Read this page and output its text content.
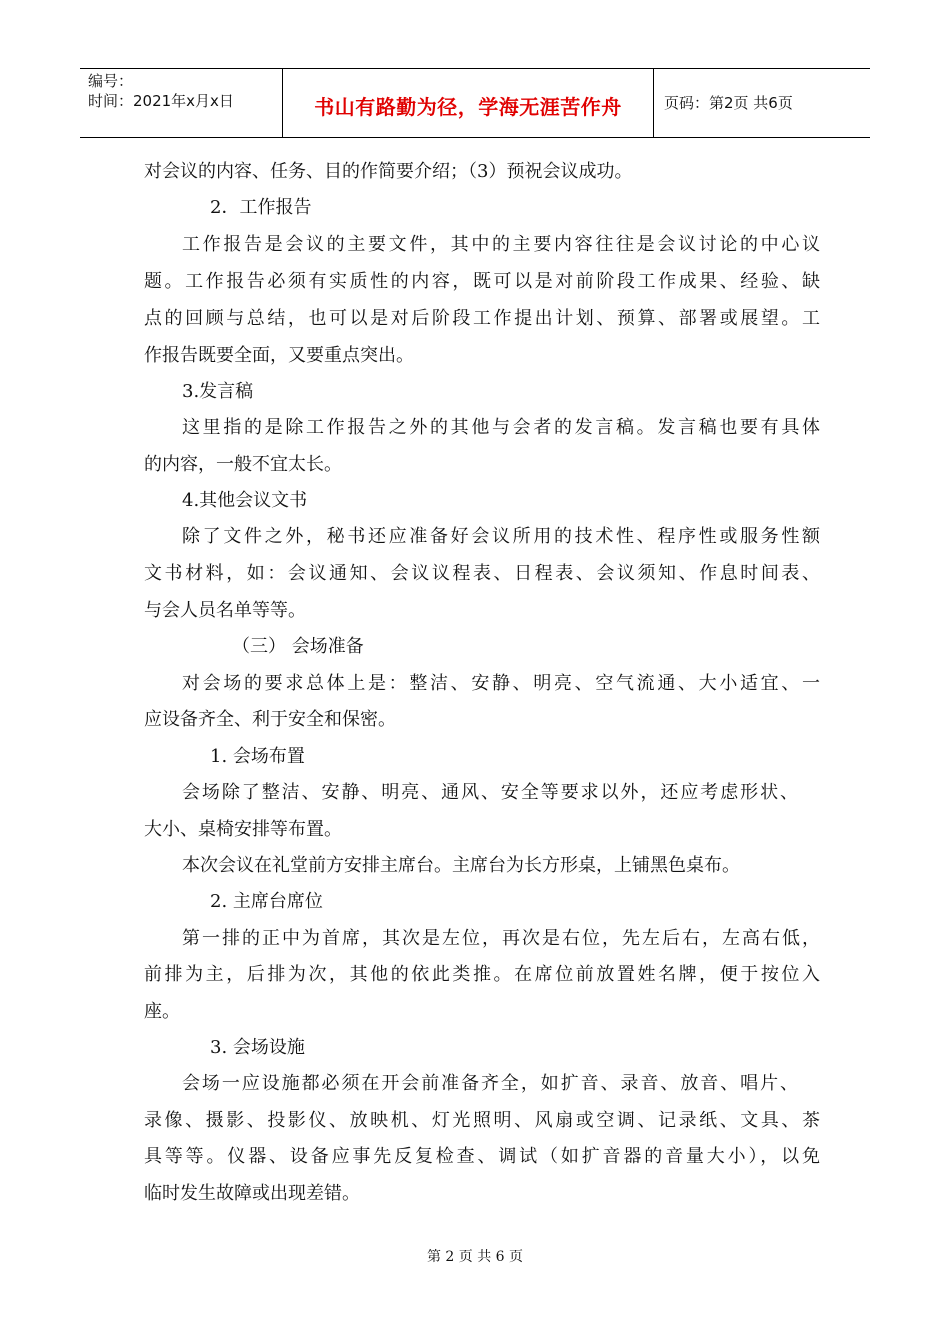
编号：
时间：2021年x月x日	书山有路勤为径，学海无涯苦作舟	页码：第2页 共6页
对会议的内容、任务、目的作简要介绍；（3）预祝会议成功。
2．工作报告
工作报告是会议的主要文件，其中的主要内容往往是会议讨论的中心议
题。工作报告必须有实质性的内容，既可以是对前阶段工作成果、经验、缺
点的回顾与总结，也可以是对后阶段工作提出计划、预算、部署或展望。工
作报告既要全面，又要重点突出。
3.发言稿
这里指的是除工作报告之外的其他与会者的发言稿。发言稿也要有具体
的内容，一般不宜太长。
4.其他会议文书
除了文件之外，秘书还应准备好会议所用的技术性、程序性或服务性额
文书材料，如：会议通知、会议议程表、日程表、会议须知、作息时间表、
与会人员名单等等。
（三） 会场准备
对会场的要求总体上是：整洁、安静、明亮、空气流通、大小适宜、一
应设备齐全、利于安全和保密。
1. 会场布置
会场除了整洁、安静、明亮、通风、安全等要求以外，还应考虑形状、
大小、桌椅安排等布置。
本次会议在礼堂前方安排主席台。主席台为长方形桌，上铺黑色桌布。
2. 主席台席位
第一排的正中为首席，其次是左位，再次是右位，先左后右，左高右低，
前排为主，后排为次，其他的依此类推。在席位前放置姓名牌，便于按位入
座。
3. 会场设施
会场一应设施都必须在开会前准备齐全，如扩音、录音、放音、唱片、
录像、摄影、投影仪、放映机、灯光照明、风扇或空调、记录纸、文具、茶
具等等。仪器、设备应事先反复检查、调试（如扩音器的音量大小），以免
临时发生故障或出现差错。
第 2 页 共 6 页
